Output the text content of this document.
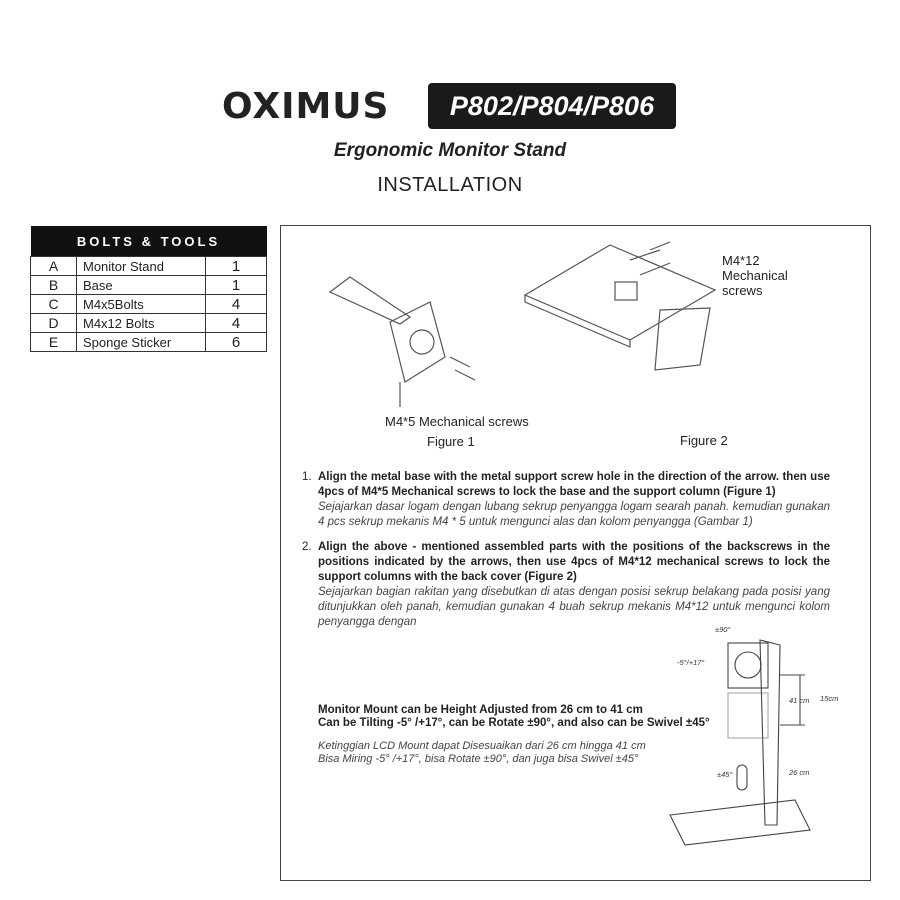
OXIMUS	P802/P804/P806
Ergonomic Monitor Stand
INSTALLATION
BOLTS & TOOLS		
A	Monitor Stand	1
B	Base	1
C	M4x5Bolts	4
D	M4x12 Bolts	4
E	Sponge Sticker	6
M4*5 Mechanical screws
Figure 1
M4*12 Mechanical screws
Figure 2
1. Align the metal base with the metal support screw hole in the direction of the arrow. then use 4pcs of M4*5 Mechanical screws to lock the base and the support column (Figure 1)
Sejajarkan dasar logam dengan lubang sekrup penyangga logam searah panah. kemudian gunakan 4 pcs sekrup mekanis M4 * 5 untuk mengunci alas dan kolom penyangga (Gambar 1)
2. Align the above - mentioned assembled parts with the positions of the backscrews in the positions indicated by the arrows, then use 4pcs of M4*12 mechanical screws to lock the support columns with the back cover (Figure 2)
Sejajarkan bagian rakitan yang disebutkan di atas dengan posisi sekrup belakang pada posisi yang ditunjukkan oleh panah, kemudian gunakan 4 buah sekrup mekanis M4*12 untuk mengunci kolom penyangga dengan
Monitor Mount can be Height Adjusted from 26 cm to 41 cm
Can be Tilting -5° /+17°, can be Rotate ±90°, and also can be Swivel ±45°
Ketinggian LCD Mount dapat Disesuaikan dari 26 cm hingga 41 cm
Bisa Miring -5° /+17°, bisa Rotate ±90°, dan juga bisa Swivel ±45°
±90°
-5°/+17°
41 cm 15cm
26 cm
±45°
